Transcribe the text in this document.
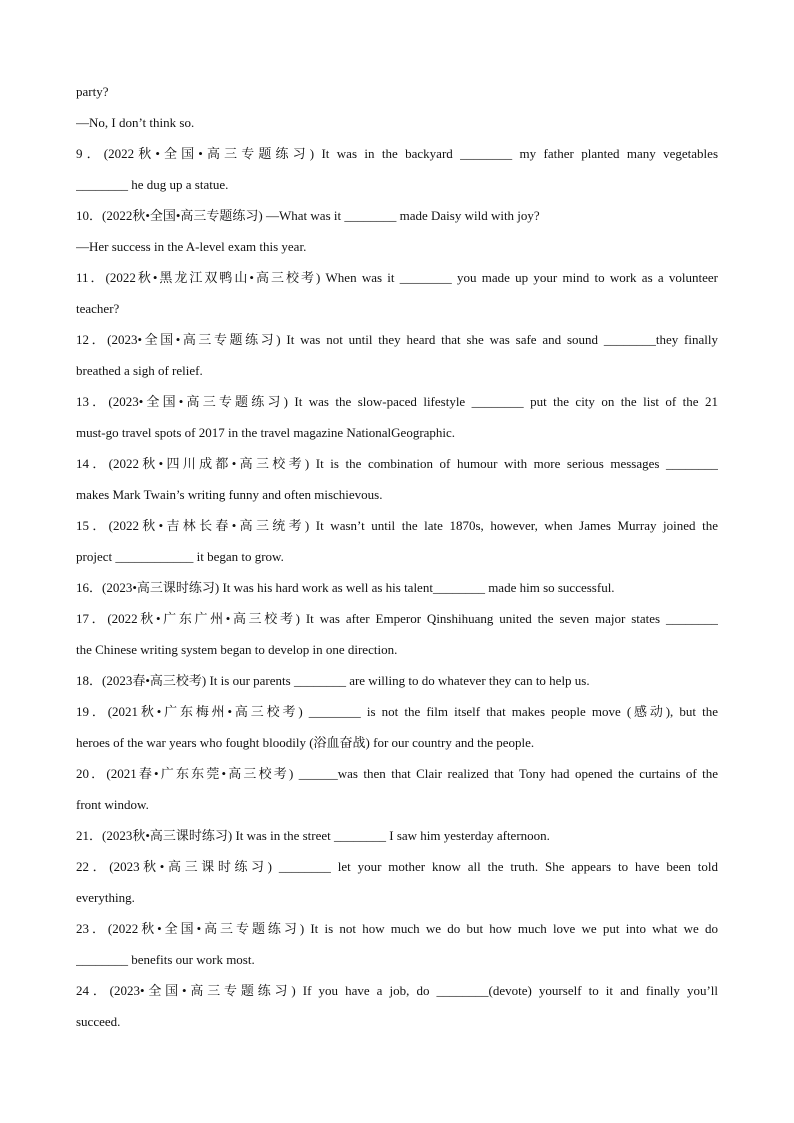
party?
—No, I don’t think so.
9．(2022秋•全国•高三专题练习) It was in the backyard ________ my father planted many vegetables
________ he dug up a statue.
10．(2022秋•全国•高三专题练习) —What was it ________ made Daisy wild with joy?
—Her success in the A-level exam this year.
11．(2022秋•黑龙江双鸭山•高三校考) When was it ________ you made up your mind to work as a volunteer
teacher?
12．(2023•全国•高三专题练习) It was not until they heard that she was safe and sound ________they finally
breathed a sigh of relief.
13．(2023•全国•高三专题练习) It was the slow-paced lifestyle ________ put the city on the list of the 21
must-go travel spots of 2017 in the travel magazine NationalGeographic.
14．(2022秋•四川成都•高三校考) It is the combination of humour with more serious messages ________
makes Mark Twain’s writing funny and often mischievous.
15．(2022秋•吉林长春•高三统考) It wasn’t until the late 1870s, however, when James Murray joined the
project ____________ it began to grow.
16．(2023•高三课时练习) It was his hard work as well as his talent________ made him so successful.
17．(2022秋•广东广州•高三校考) It was after Emperor Qinshihuang united the seven major states ________
the Chinese writing system began to develop in one direction.
18．(2023春•高三校考) It is our parents ________ are willing to do whatever they can to help us.
19．(2021秋•广东梅州•高三校考) ________ is not the film itself that makes people move (感动), but the
heroes of the war years who fought bloodily (浴血奋战) for our country and the people.
20．(2021春•广东东莞•高三校考) ______was then that Clair realized that Tony had opened the curtains of the
front window.
21．(2023秋•高三课时练习) It was in the street ________ I saw him yesterday afternoon.
22．(2023秋•高三课时练习) ________ let your mother know all the truth. She appears to have been told
everything.
23．(2022秋•全国•高三专题练习) It is not how much we do but how much love we put into what we do
________ benefits our work most.
24．(2023•全国•高三专题练习) If you have a job, do ________(devote) yourself to it and finally you’ll
succeed.
